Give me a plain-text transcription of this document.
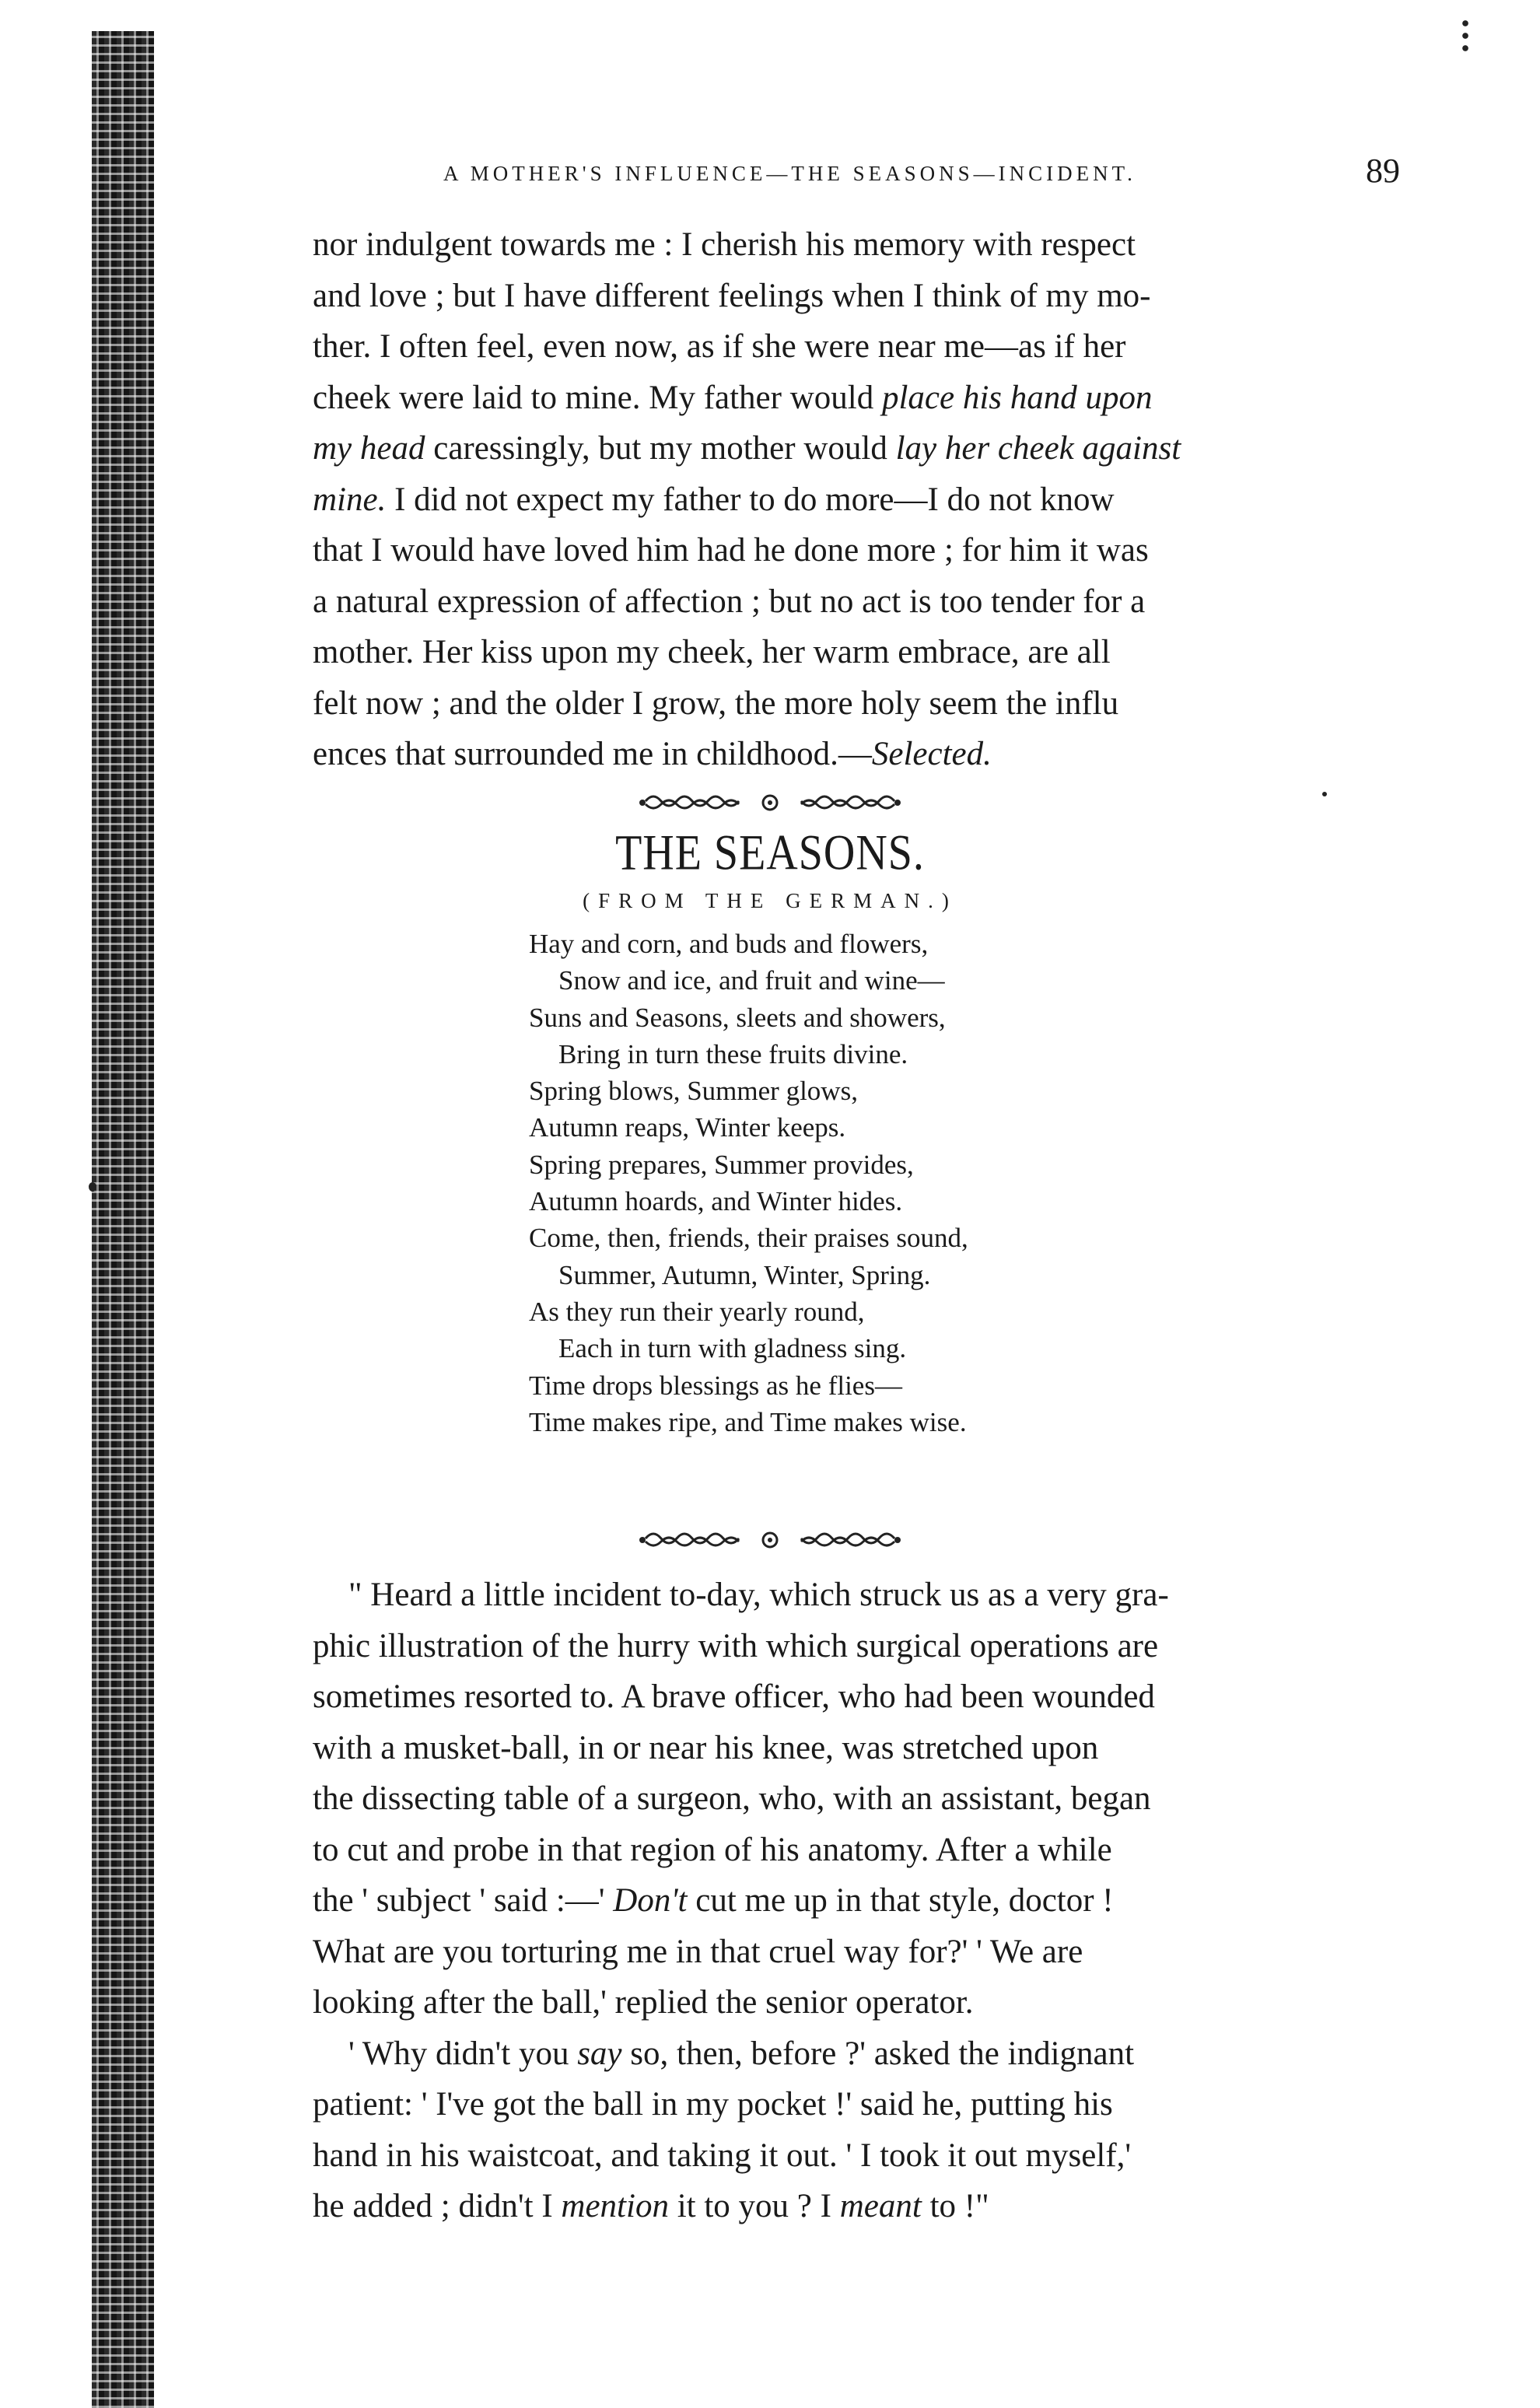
A MOTHER'S INFLUENCE—THE SEASONS—INCIDENT.	89

nor indulgent towards me : I cherish his memory with respect

and love ; but I have different feelings when I think of my mo-

ther. I often feel, even now, as if she were near me—as if her

cheek were laid to mine. My father would place his hand upon

my head caressingly, but my mother would lay her cheek against

mine. I did not expect my father to do more—I do not know

that I would have loved him had he done more ; for him it was

a natural expression of affection ; but no act is too tender for a

mother. Her kiss upon my cheek, her warm embrace, are all

felt now ; and the older I grow, the more holy seem the influ

ences that surrounded me in childhood.—Selected.

THE SEASONS.
(FROM THE GERMAN.)
Hay and corn, and buds and flowers,
Snow and ice, and fruit and wine—
Suns and Seasons, sleets and showers,
Bring in turn these fruits divine.
Spring blows, Summer glows,
Autumn reaps, Winter keeps.
Spring prepares, Summer provides,
Autumn hoards, and Winter hides.
Come, then, friends, their praises sound,
Summer, Autumn, Winter, Spring.
As they run their yearly round,
Each in turn with gladness sing.
Time drops blessings as he flies—
Time makes ripe, and Time makes wise.

" Heard a little incident to-day, which struck us as a very gra-

phic illustration of the hurry with which surgical operations are

sometimes resorted to. A brave officer, who had been wounded

with a musket-ball, in or near his knee, was stretched upon

the dissecting table of a surgeon, who, with an assistant, began

to cut and probe in that region of his anatomy. After a while

the ' subject ' said :—' Don't cut me up in that style, doctor !

What are you torturing me in that cruel way for?' ' We are

looking after the ball,' replied the senior operator.

' Why didn't you say so, then, before ?' asked the indignant

patient: ' I've got the ball in my pocket !' said he, putting his

hand in his waistcoat, and taking it out. ' I took it out myself,'

he added ; didn't I mention it to you ? I meant to !"
